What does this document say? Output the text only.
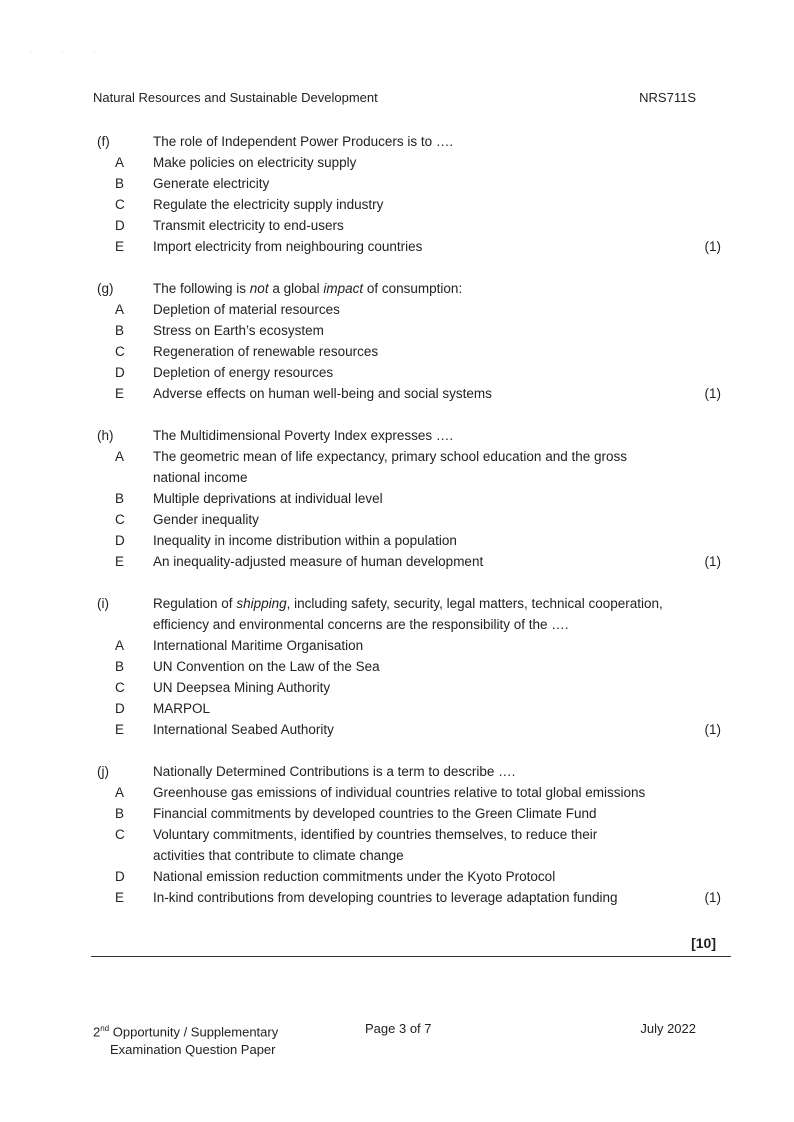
· · ·
Natural Resources and Sustainable Development	NRS711S
(f)	The role of Independent Power Producers is to ….
A	Make policies on electricity supply
B	Generate electricity
C	Regulate the electricity supply industry
D	Transmit electricity to end-users
E	Import electricity from neighbouring countries	(1)
(g)	The following is not a global impact of consumption:
A	Depletion of material resources
B	Stress on Earth’s ecosystem
C	Regeneration of renewable resources
D	Depletion of energy resources
E	Adverse effects on human well-being and social systems	(1)
(h)	The Multidimensional Poverty Index expresses ….
A	The geometric mean of life expectancy, primary school education and the gross national income
B	Multiple deprivations at individual level
C	Gender inequality
D	Inequality in income distribution within a population
E	An inequality-adjusted measure of human development	(1)
(i)	Regulation of shipping, including safety, security, legal matters, technical cooperation, efficiency and environmental concerns are the responsibility of the ….
A	International Maritime Organisation
B	UN Convention on the Law of the Sea
C	UN Deepsea Mining Authority
D	MARPOL
E	International Seabed Authority	(1)
(j)	Nationally Determined Contributions is a term to describe ….
A	Greenhouse gas emissions of individual countries relative to total global emissions
B	Financial commitments by developed countries to the Green Climate Fund
C	Voluntary commitments, identified by countries themselves, to reduce their activities that contribute to climate change
D	National emission reduction commitments under the Kyoto Protocol
E	In-kind contributions from developing countries to leverage adaptation funding	(1)
[10]
2nd Opportunity / Supplementary
Examination Question Paper
Page 3 of 7	July 2022
